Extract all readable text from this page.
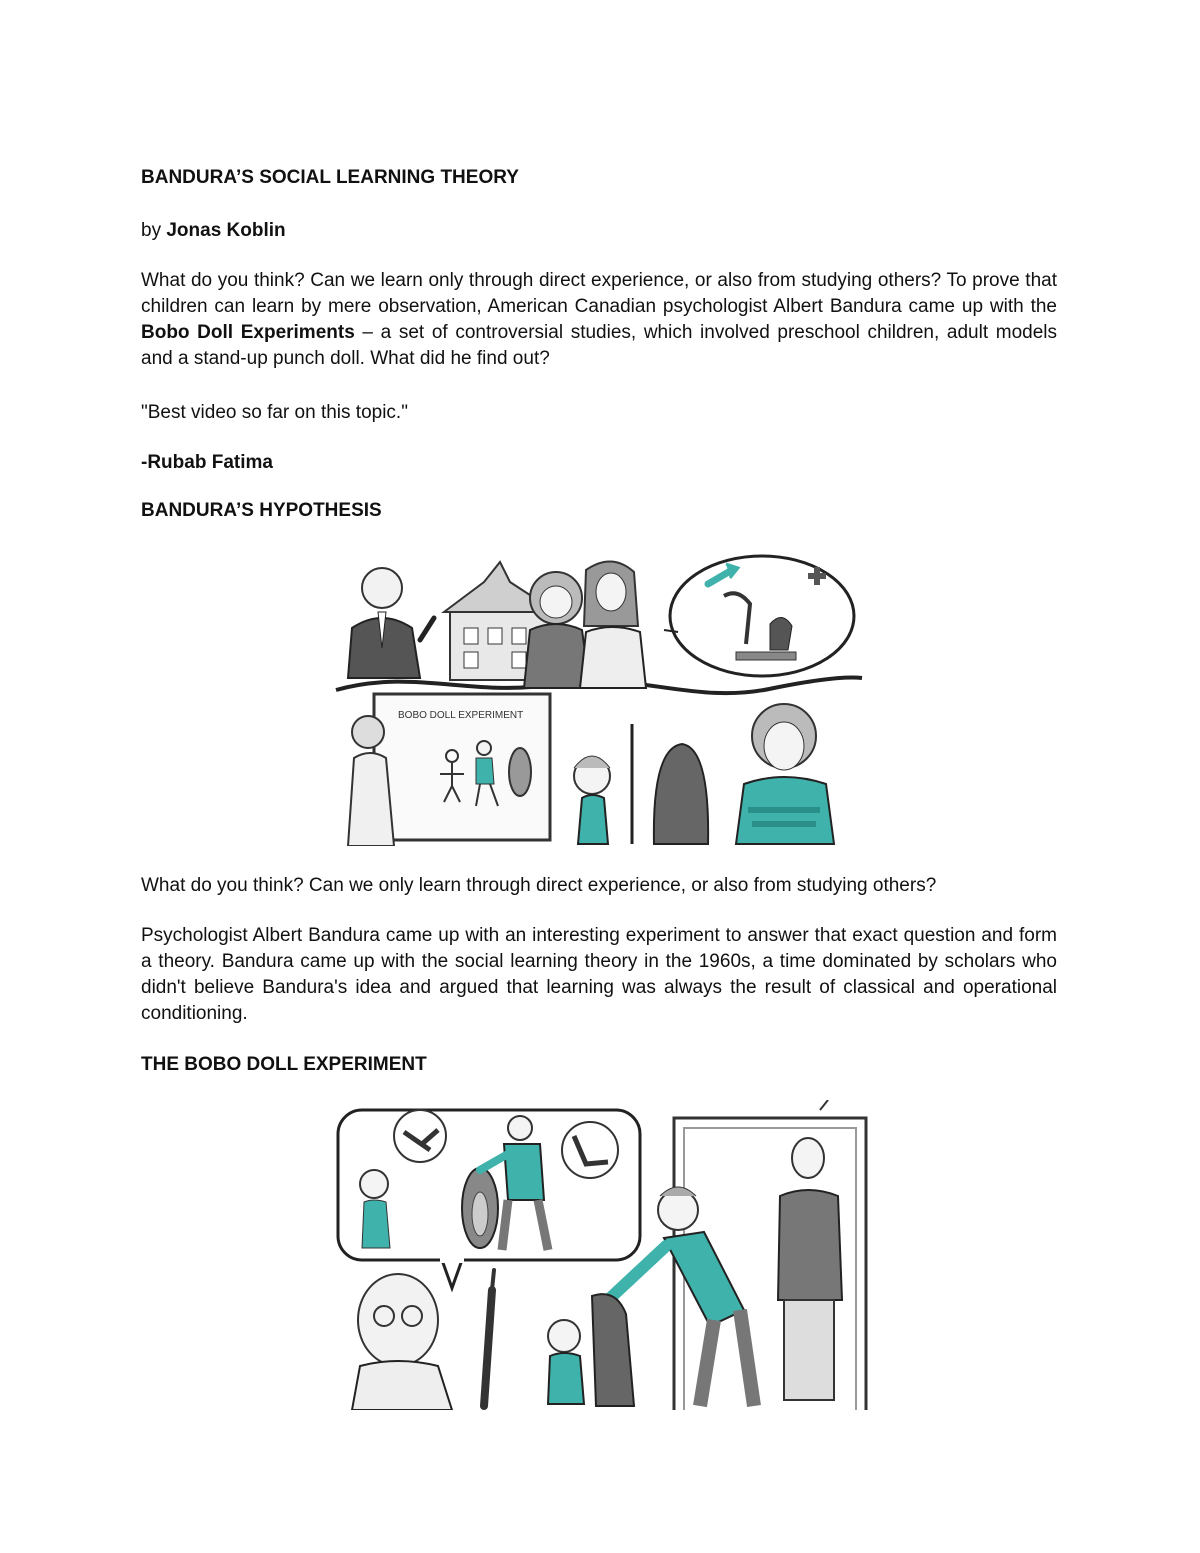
BANDURA’S SOCIAL LEARNING THEORY

by Jonas Koblin

What do you think? Can we learn only through direct experience, or also from studying others? To prove that children can learn by mere observation, American Canadian psychologist Albert Bandura came up with the Bobo Doll Experiments – a set of controversial studies, which involved preschool children, adult models and a stand-up punch doll. What did he find out?

"Best video so far on this topic."

-Rubab Fatima

BANDURA’S HYPOTHESIS
BOBO DOLL EXPERIMENT

What do you think? Can we only learn through direct experience, or also from studying others?

Psychologist Albert Bandura came up with an interesting experiment to answer that exact question and form a theory. Bandura came up with the social learning theory in the 1960s, a time dominated by scholars who didn't believe Bandura's idea and argued that learning was always the result of classical and operational conditioning.

THE BOBO DOLL EXPERIMENT
